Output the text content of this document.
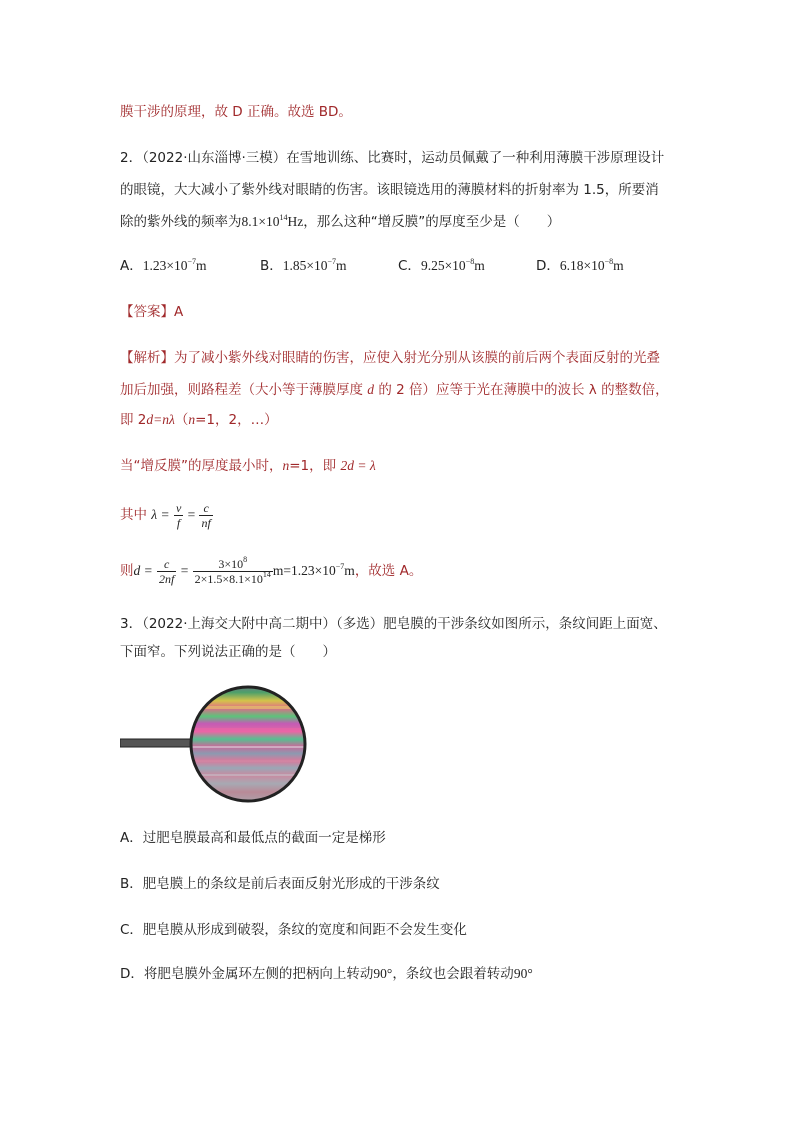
膜干涉的原理，故 D 正确。故选 BD。
2．（2022·山东淄博·三模）在雪地训练、比赛时，运动员佩戴了一种利用薄膜干涉原理设计
的眼镜，大大减小了紫外线对眼睛的伤害。该眼镜选用的薄膜材料的折射率为 1.5，所要消
除的紫外线的频率为$8.1\times 10^{14}Hz$，那么这种“增反膜”的厚度至少是（　　）
A．$1.23\times 10^{-7}m$	B．$1.85\times 10^{-7}m$	C．$9.25\times 10^{-8}m$	D．$6.18\times 10^{-8}m$
【答案】A
【解析】为了减小紫外线对眼睛的伤害，应使入射光分别从该膜的前后两个表面反射的光叠
加后加强，则路程差（大小等于薄膜厚度 d 的 2 倍）应等于光在薄膜中的波长 λ 的整数倍，
即 2d=nλ（n=1，2，…）
当“增反膜”的厚度最小时，n=1，即 2d = λ
其中 $\lambda = \frac{v}{f} = \frac{c}{nf}$
则$d = \frac{c}{2nf} = \frac{3\times 10^8}{2\times 1.5\times 8.1\times 10^{14}} m=1.23\times 10^{-7}m$，故选 A。
3．（2022·上海交大附中高二期中）（多选）肥皂膜的干涉条纹如图所示，条纹间距上面宽、
下面窄。下列说法正确的是（　　）
A．过肥皂膜最高和最低点的截面一定是梯形
B．肥皂膜上的条纹是前后表面反射光形成的干涉条纹
C．肥皂膜从形成到破裂，条纹的宽度和间距不会发生变化
D．将肥皂膜外金属环左侧的把柄向上转动90°，条纹也会跟着转动90°
